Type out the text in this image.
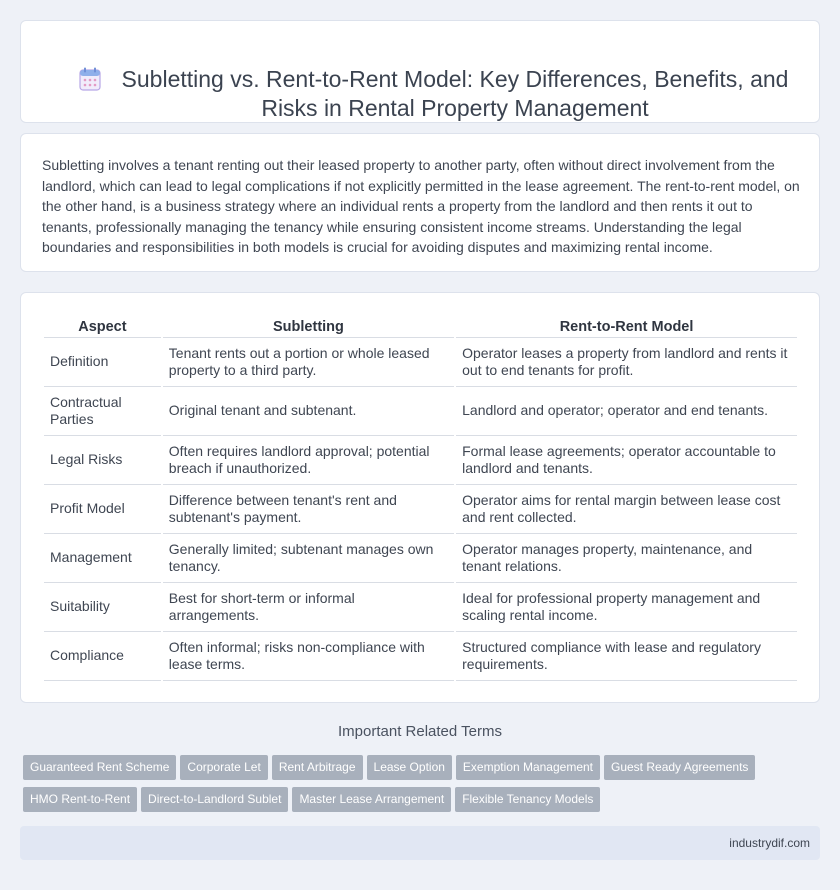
Subletting vs. Rent-to-Rent Model: Key Differences, Benefits, and Risks in Rental Property Management

Subletting involves a tenant renting out their leased property to another party, often without direct involvement from the landlord, which can lead to legal complications if not explicitly permitted in the lease agreement. The rent-to-rent model, on the other hand, is a business strategy where an individual rents a property from the landlord and then rents it out to tenants, professionally managing the tenancy while ensuring consistent income streams. Understanding the legal boundaries and responsibilities in both models is crucial for avoiding disputes and maximizing rental income.

Aspect	Subletting	Rent-to-Rent Model
Definition	Tenant rents out a portion or whole leased property to a third party.	Operator leases a property from landlord and rents it out to end tenants for profit.
Contractual Parties	Original tenant and subtenant.	Landlord and operator; operator and end tenants.
Legal Risks	Often requires landlord approval; potential breach if unauthorized.	Formal lease agreements; operator accountable to landlord and tenants.
Profit Model	Difference between tenant's rent and subtenant's payment.	Operator aims for rental margin between lease cost and rent collected.
Management	Generally limited; subtenant manages own tenancy.	Operator manages property, maintenance, and tenant relations.
Suitability	Best for short-term or informal arrangements.	Ideal for professional property management and scaling rental income.
Compliance	Often informal; risks non-compliance with lease terms.	Structured compliance with lease and regulatory requirements.
Important Related Terms
Guaranteed Rent Scheme Corporate Let Rent Arbitrage Lease Option Exemption Management Guest Ready Agreements
HMO Rent-to-Rent Direct-to-Landlord Sublet Master Lease Arrangement Flexible Tenancy Models
industrydif.com
